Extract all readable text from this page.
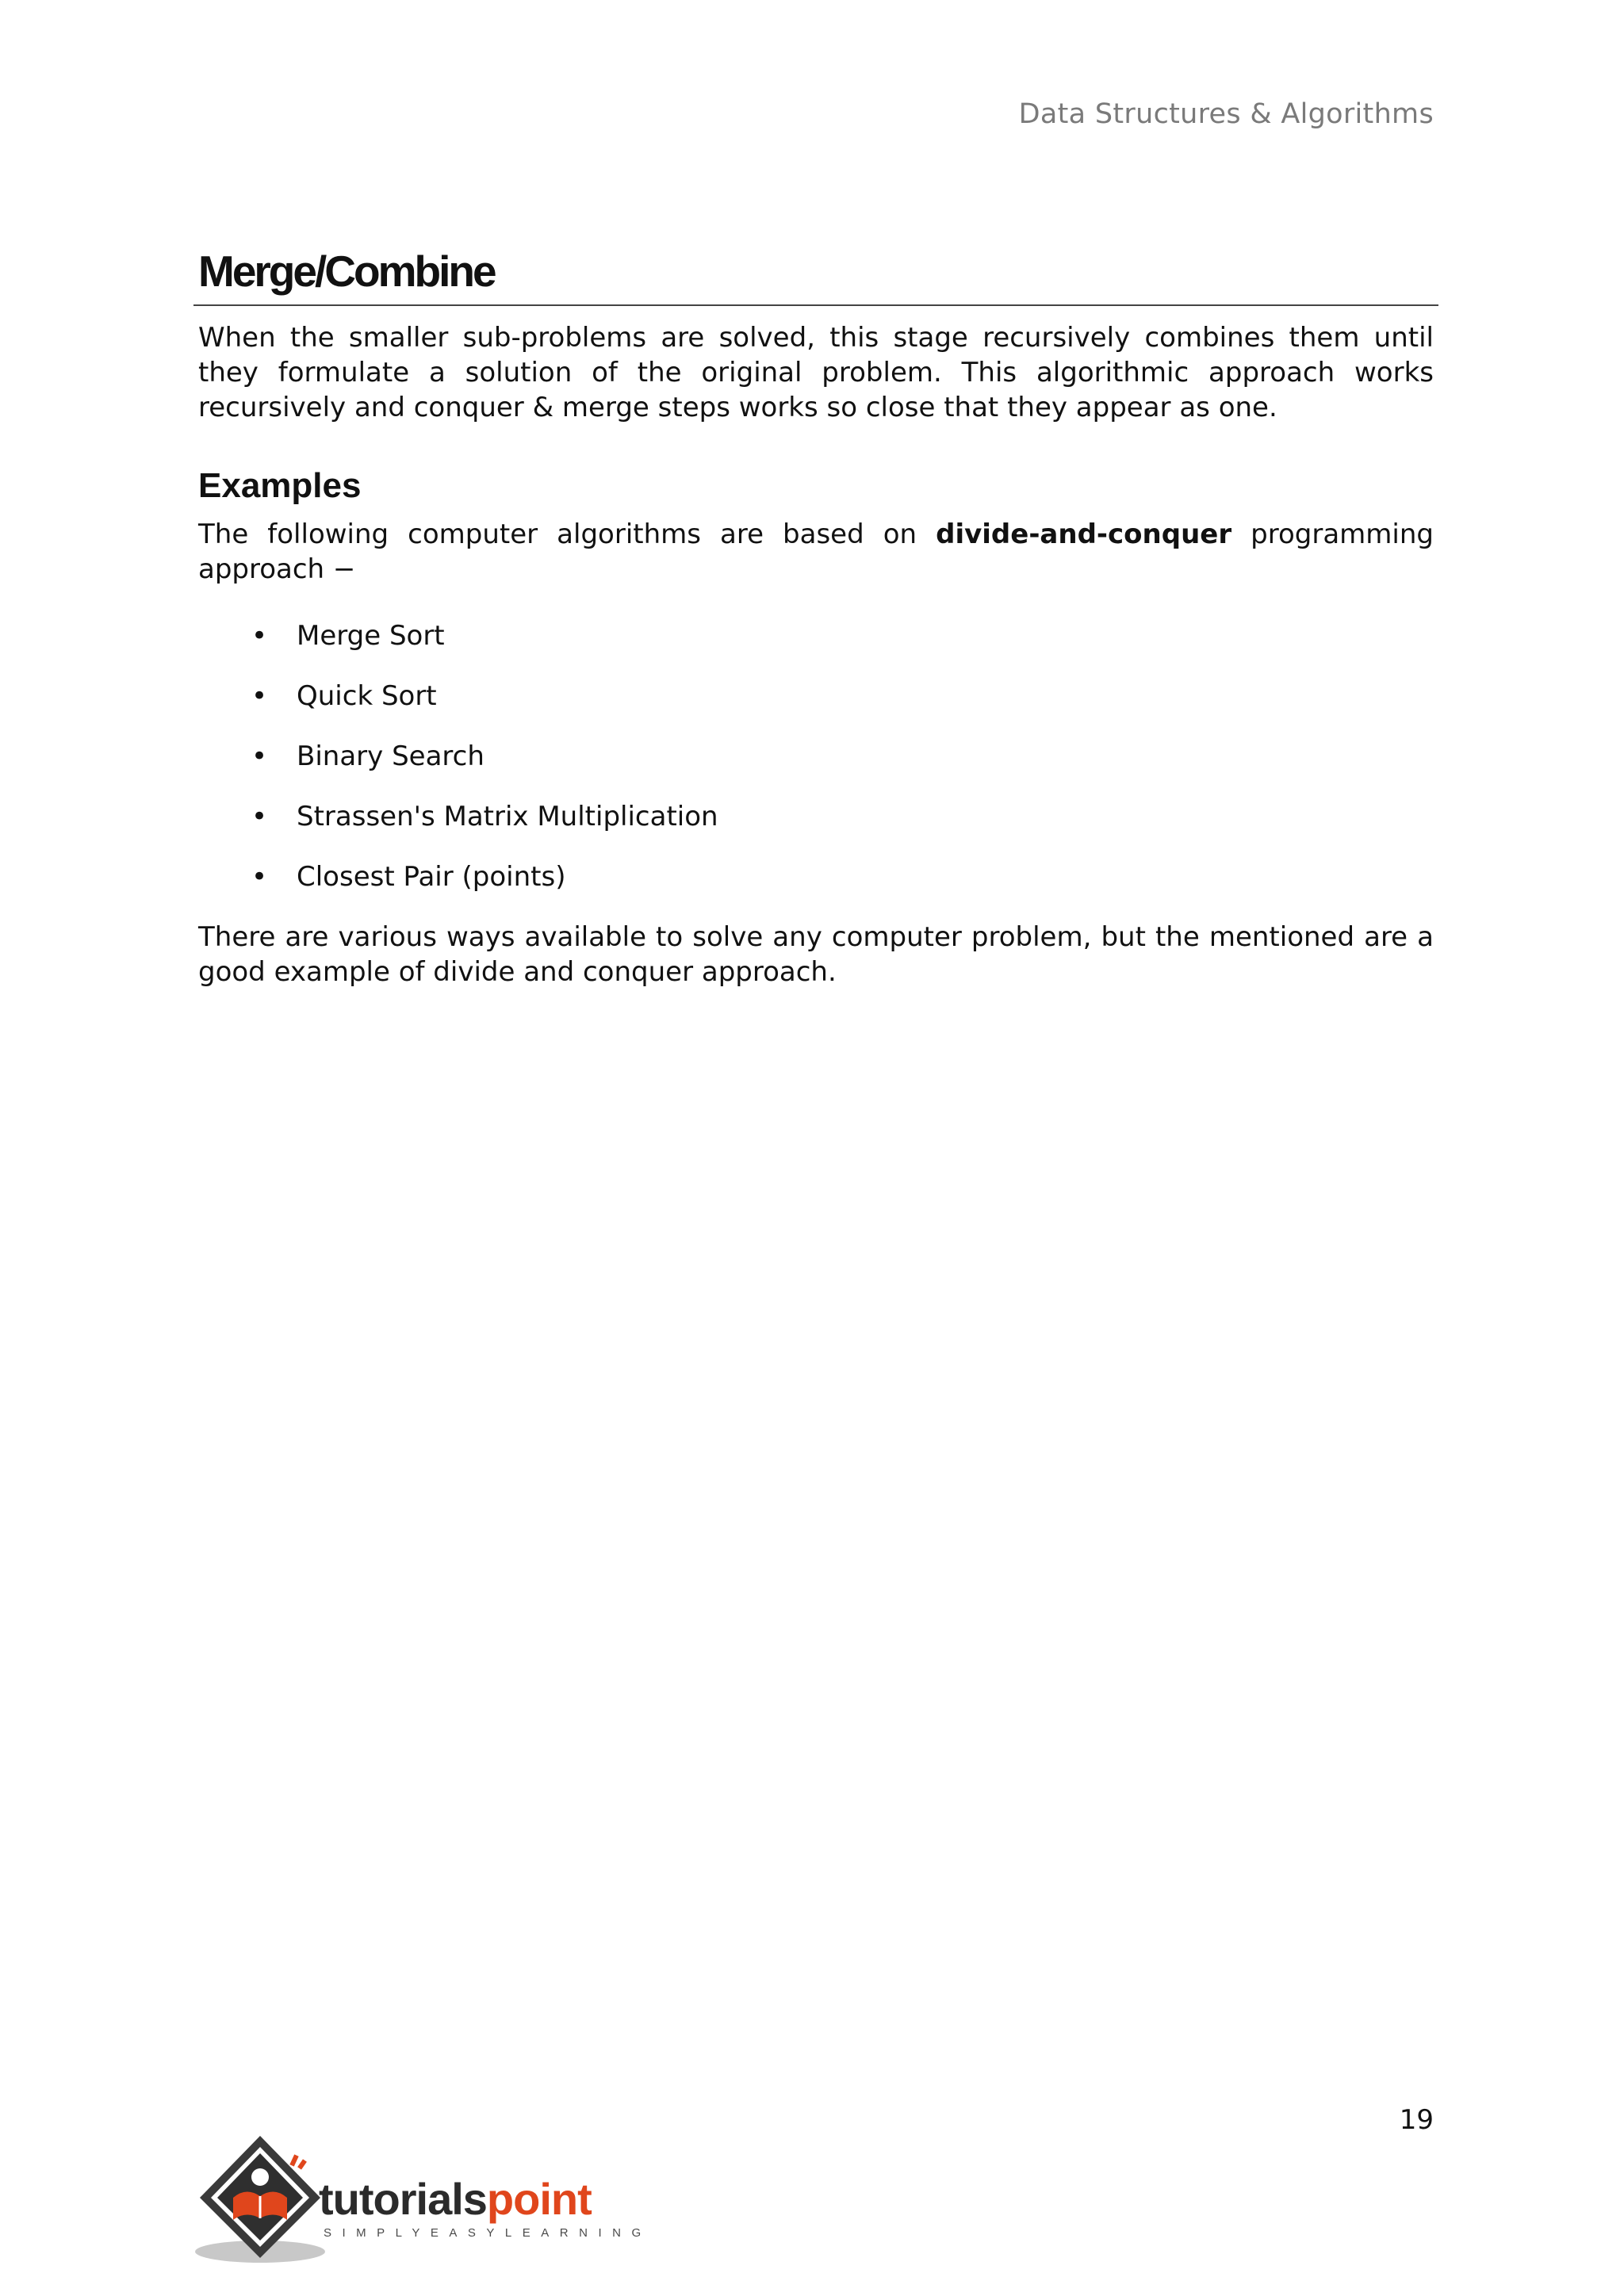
Data Structures & Algorithms
Merge/Combine

When the smaller sub-problems are solved, this stage recursively combines them until they formulate a solution of the original problem. This algorithmic approach works recursively and conquer & merge steps works so close that they appear as one.

Examples

The following computer algorithms are based on divide-and-conquer programming approach −

• Merge Sort
• Quick Sort
• Binary Search
• Strassen's Matrix Multiplication
• Closest Pair (points)

There are various ways available to solve any computer problem, but the mentioned are a good example of divide and conquer approach.

19
tutorialspoint
SIMPLYEASYLEARNING
